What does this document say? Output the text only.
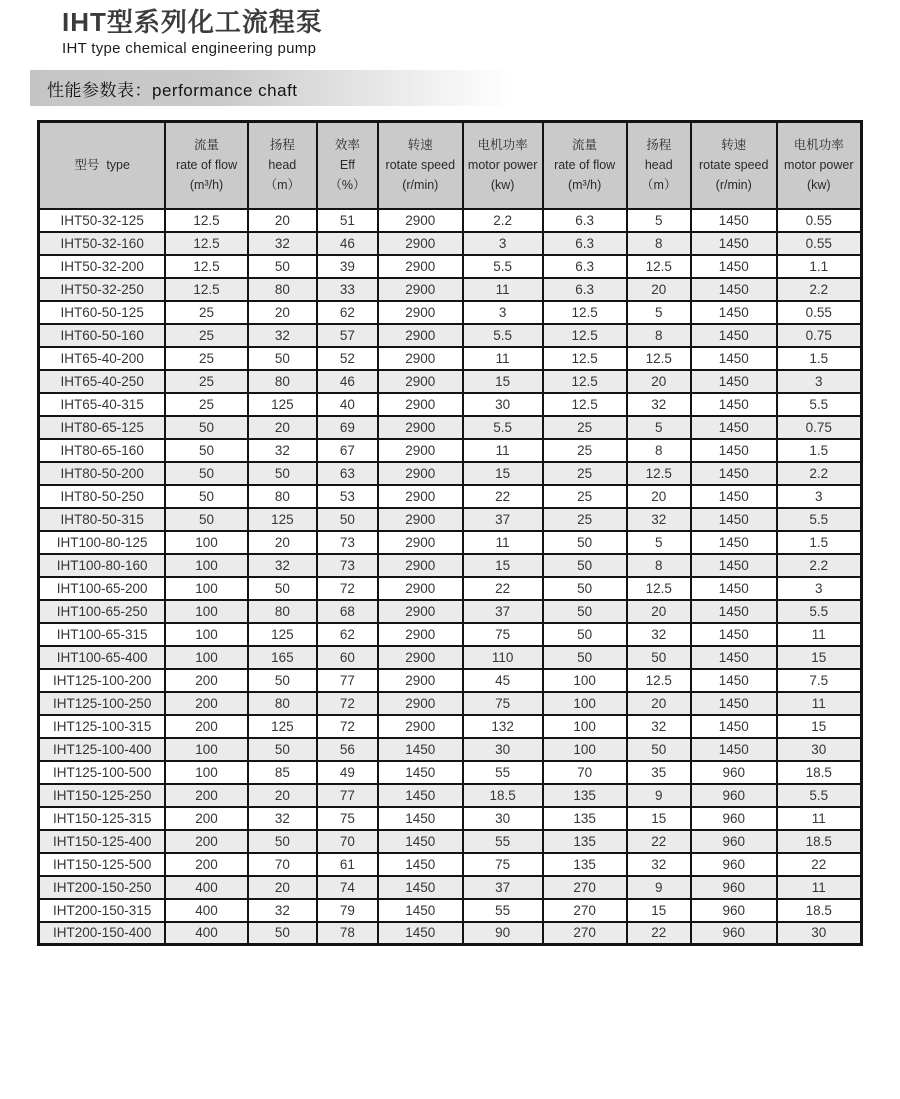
IHT型系列化工流程泵
IHT type chemical engineering pump
性能参数表：performance chaft
型号  type

流量
rate of flow
(m³/h)

扬程
head
（m）

效率
Eff
（%）

转速
rotate speed
(r/min)

电机功率
motor power
(kw)

流量
rate of flow
(m³/h)

扬程
head
（m）

转速
rotate speed
(r/min)

电机功率
motor power
(kw)

IHT50-32-125	12.5	20	51	2900	2.2	6.3	5	1450	0.55
IHT50-32-160	12.5	32	46	2900	3	6.3	8	1450	0.55
IHT50-32-200	12.5	50	39	2900	5.5	6.3	12.5	1450	1.1
IHT50-32-250	12.5	80	33	2900	11	6.3	20	1450	2.2
IHT60-50-125	25	20	62	2900	3	12.5	5	1450	0.55
IHT60-50-160	25	32	57	2900	5.5	12.5	8	1450	0.75
IHT65-40-200	25	50	52	2900	11	12.5	12.5	1450	1.5
IHT65-40-250	25	80	46	2900	15	12.5	20	1450	3
IHT65-40-315	25	125	40	2900	30	12.5	32	1450	5.5
IHT80-65-125	50	20	69	2900	5.5	25	5	1450	0.75
IHT80-65-160	50	32	67	2900	11	25	8	1450	1.5
IHT80-50-200	50	50	63	2900	15	25	12.5	1450	2.2
IHT80-50-250	50	80	53	2900	22	25	20	1450	3
IHT80-50-315	50	125	50	2900	37	25	32	1450	5.5
IHT100-80-125	100	20	73	2900	11	50	5	1450	1.5
IHT100-80-160	100	32	73	2900	15	50	8	1450	2.2
IHT100-65-200	100	50	72	2900	22	50	12.5	1450	3
IHT100-65-250	100	80	68	2900	37	50	20	1450	5.5
IHT100-65-315	100	125	62	2900	75	50	32	1450	11
IHT100-65-400	100	165	60	2900	110	50	50	1450	15
IHT125-100-200	200	50	77	2900	45	100	12.5	1450	7.5
IHT125-100-250	200	80	72	2900	75	100	20	1450	11
IHT125-100-315	200	125	72	2900	132	100	32	1450	15
IHT125-100-400	100	50	56	1450	30	100	50	1450	30
IHT125-100-500	100	85	49	1450	55	70	35	960	18.5
IHT150-125-250	200	20	77	1450	18.5	135	9	960	5.5
IHT150-125-315	200	32	75	1450	30	135	15	960	11
IHT150-125-400	200	50	70	1450	55	135	22	960	18.5
IHT150-125-500	200	70	61	1450	75	135	32	960	22
IHT200-150-250	400	20	74	1450	37	270	9	960	11
IHT200-150-315	400	32	79	1450	55	270	15	960	18.5
IHT200-150-400	400	50	78	1450	90	270	22	960	30
